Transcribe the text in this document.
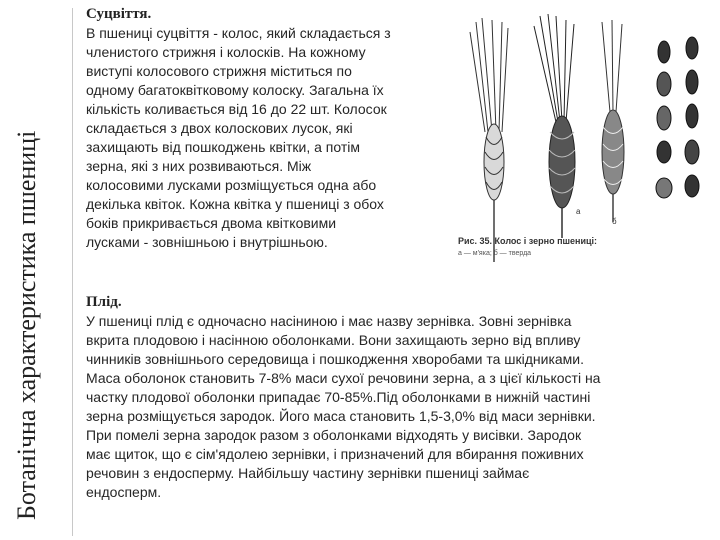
Ботанічна характеристика пшениці
Суцвіття.
В пшениці суцвіття - колос, який складається з
членистого стрижня і колосків. На кожному
виступі колосового стрижня міститься по
одному багатоквітковому колоску. Загальна їх
кількість коливається від 16 до 22 шт. Колосок
складається з двох колоскових лусок, які
захищають від пошкоджень квітки, а потім
зерна, які з них розвиваються. Між
колосовими лусками розміщується одна або
декілька квіток. Кожна квітка у пшениці з обох
боків прикривається двома квітковими
лусками - зовнішньою і внутрішньою.
а
б
Рис. 35. Колос і зерно пшениці:
а — м'яка; б — тверда
Плід.
У пшениці плід є одночасно насіниною і має назву зернівка. Зовні зернівка
вкрита плодовою і насінною оболонками. Вони захищають зерно від впливу
чинників зовнішнього середовища і пошкодження хворобами та шкідниками.
Маса оболонок становить 7-8% маси сухої речовини зерна, а з цієї кількості на
частку плодової оболонки припадає 70-85%.Під оболонками в нижній частині
зерна розміщується зародок. Його маса становить 1,5-3,0% від маси зернівки.
При помелі зерна зародок разом з оболонками відходять у висівки. Зародок
має щиток, що є сім'ядолею зернівки, і призначений для вбирання поживних
речовин з ендосперму. Найбільшу частину зернівки пшениці займає
ендосперм.
